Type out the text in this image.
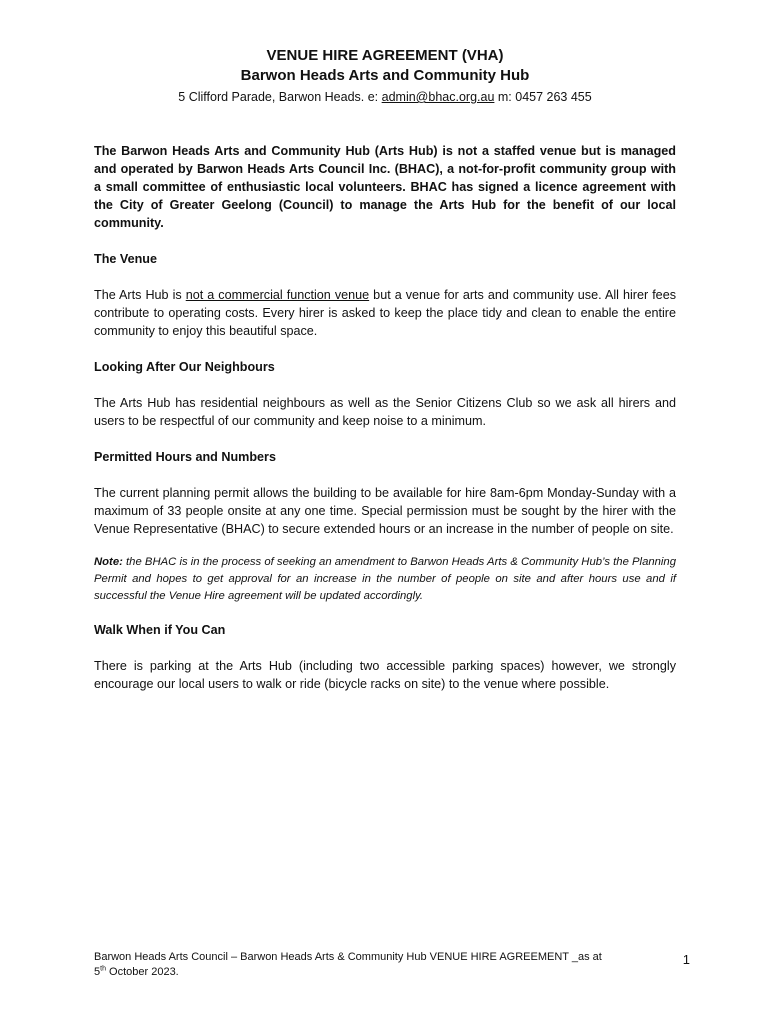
VENUE HIRE AGREEMENT (VHA)
Barwon Heads Arts and Community Hub
5 Clifford Parade, Barwon Heads. e: admin@bhac.org.au m: 0457 263 455

The Barwon Heads Arts and Community Hub (Arts Hub) is not a staffed venue but is managed and operated by Barwon Heads Arts Council Inc. (BHAC), a not-for-profit community group with a small committee of enthusiastic local volunteers. BHAC has signed a licence agreement with the City of Greater Geelong (Council) to manage the Arts Hub for the benefit of our local community.

The Venue

The Arts Hub is not a commercial function venue but a venue for arts and community use. All hirer fees contribute to operating costs. Every hirer is asked to keep the place tidy and clean to enable the entire community to enjoy this beautiful space.

Looking After Our Neighbours

The Arts Hub has residential neighbours as well as the Senior Citizens Club so we ask all hirers and users to be respectful of our community and keep noise to a minimum.

Permitted Hours and Numbers

The current planning permit allows the building to be available for hire 8am-6pm Monday-Sunday with a maximum of 33 people onsite at any one time. Special permission must be sought by the hirer with the Venue Representative (BHAC) to secure extended hours or an increase in the number of people on site.

Note: the BHAC is in the process of seeking an amendment to Barwon Heads Arts & Community Hub’s the Planning Permit and hopes to get approval for an increase in the number of people on site and after hours use and if successful the Venue Hire agreement will be updated accordingly.

Walk When if You Can

There is parking at the Arts Hub (including two accessible parking spaces) however, we strongly encourage our local users to walk or ride (bicycle racks on site) to the venue where possible.

Barwon Heads Arts Council – Barwon Heads Arts & Community Hub VENUE HIRE AGREEMENT _as at
5th October 2023.
1
